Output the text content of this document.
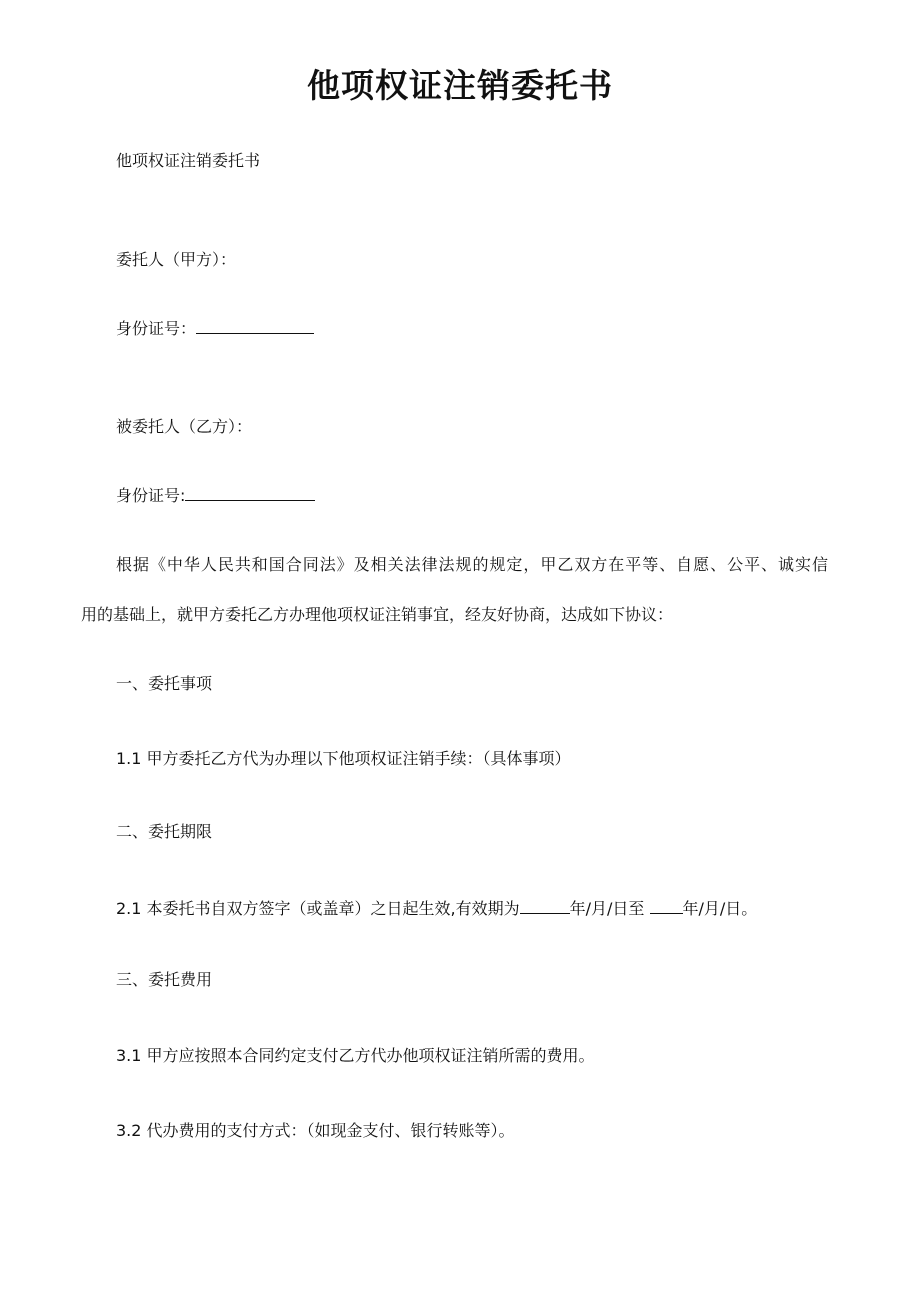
他项权证注销委托书

他项权证注销委托书

委托人（甲方）：

身份证号：

被委托人（乙方）：

身份证号:

根据《中华人民共和国合同法》及相关法律法规的规定，甲乙双方在平等、自愿、公平、诚实信

用的基础上，就甲方委托乙方办理他项权证注销事宜，经友好协商，达成如下协议：

一、委托事项

1.1 甲方委托乙方代为办理以下他项权证注销手续：（具体事项）

二、委托期限

2.1 本委托书自双方签字（或盖章）之日起生效,有效期为	年/月/日至 年/月/日。

三、委托费用

3.1 甲方应按照本合同约定支付乙方代办他项权证注销所需的费用。

3.2 代办费用的支付方式：（如现金支付、银行转账等）。
